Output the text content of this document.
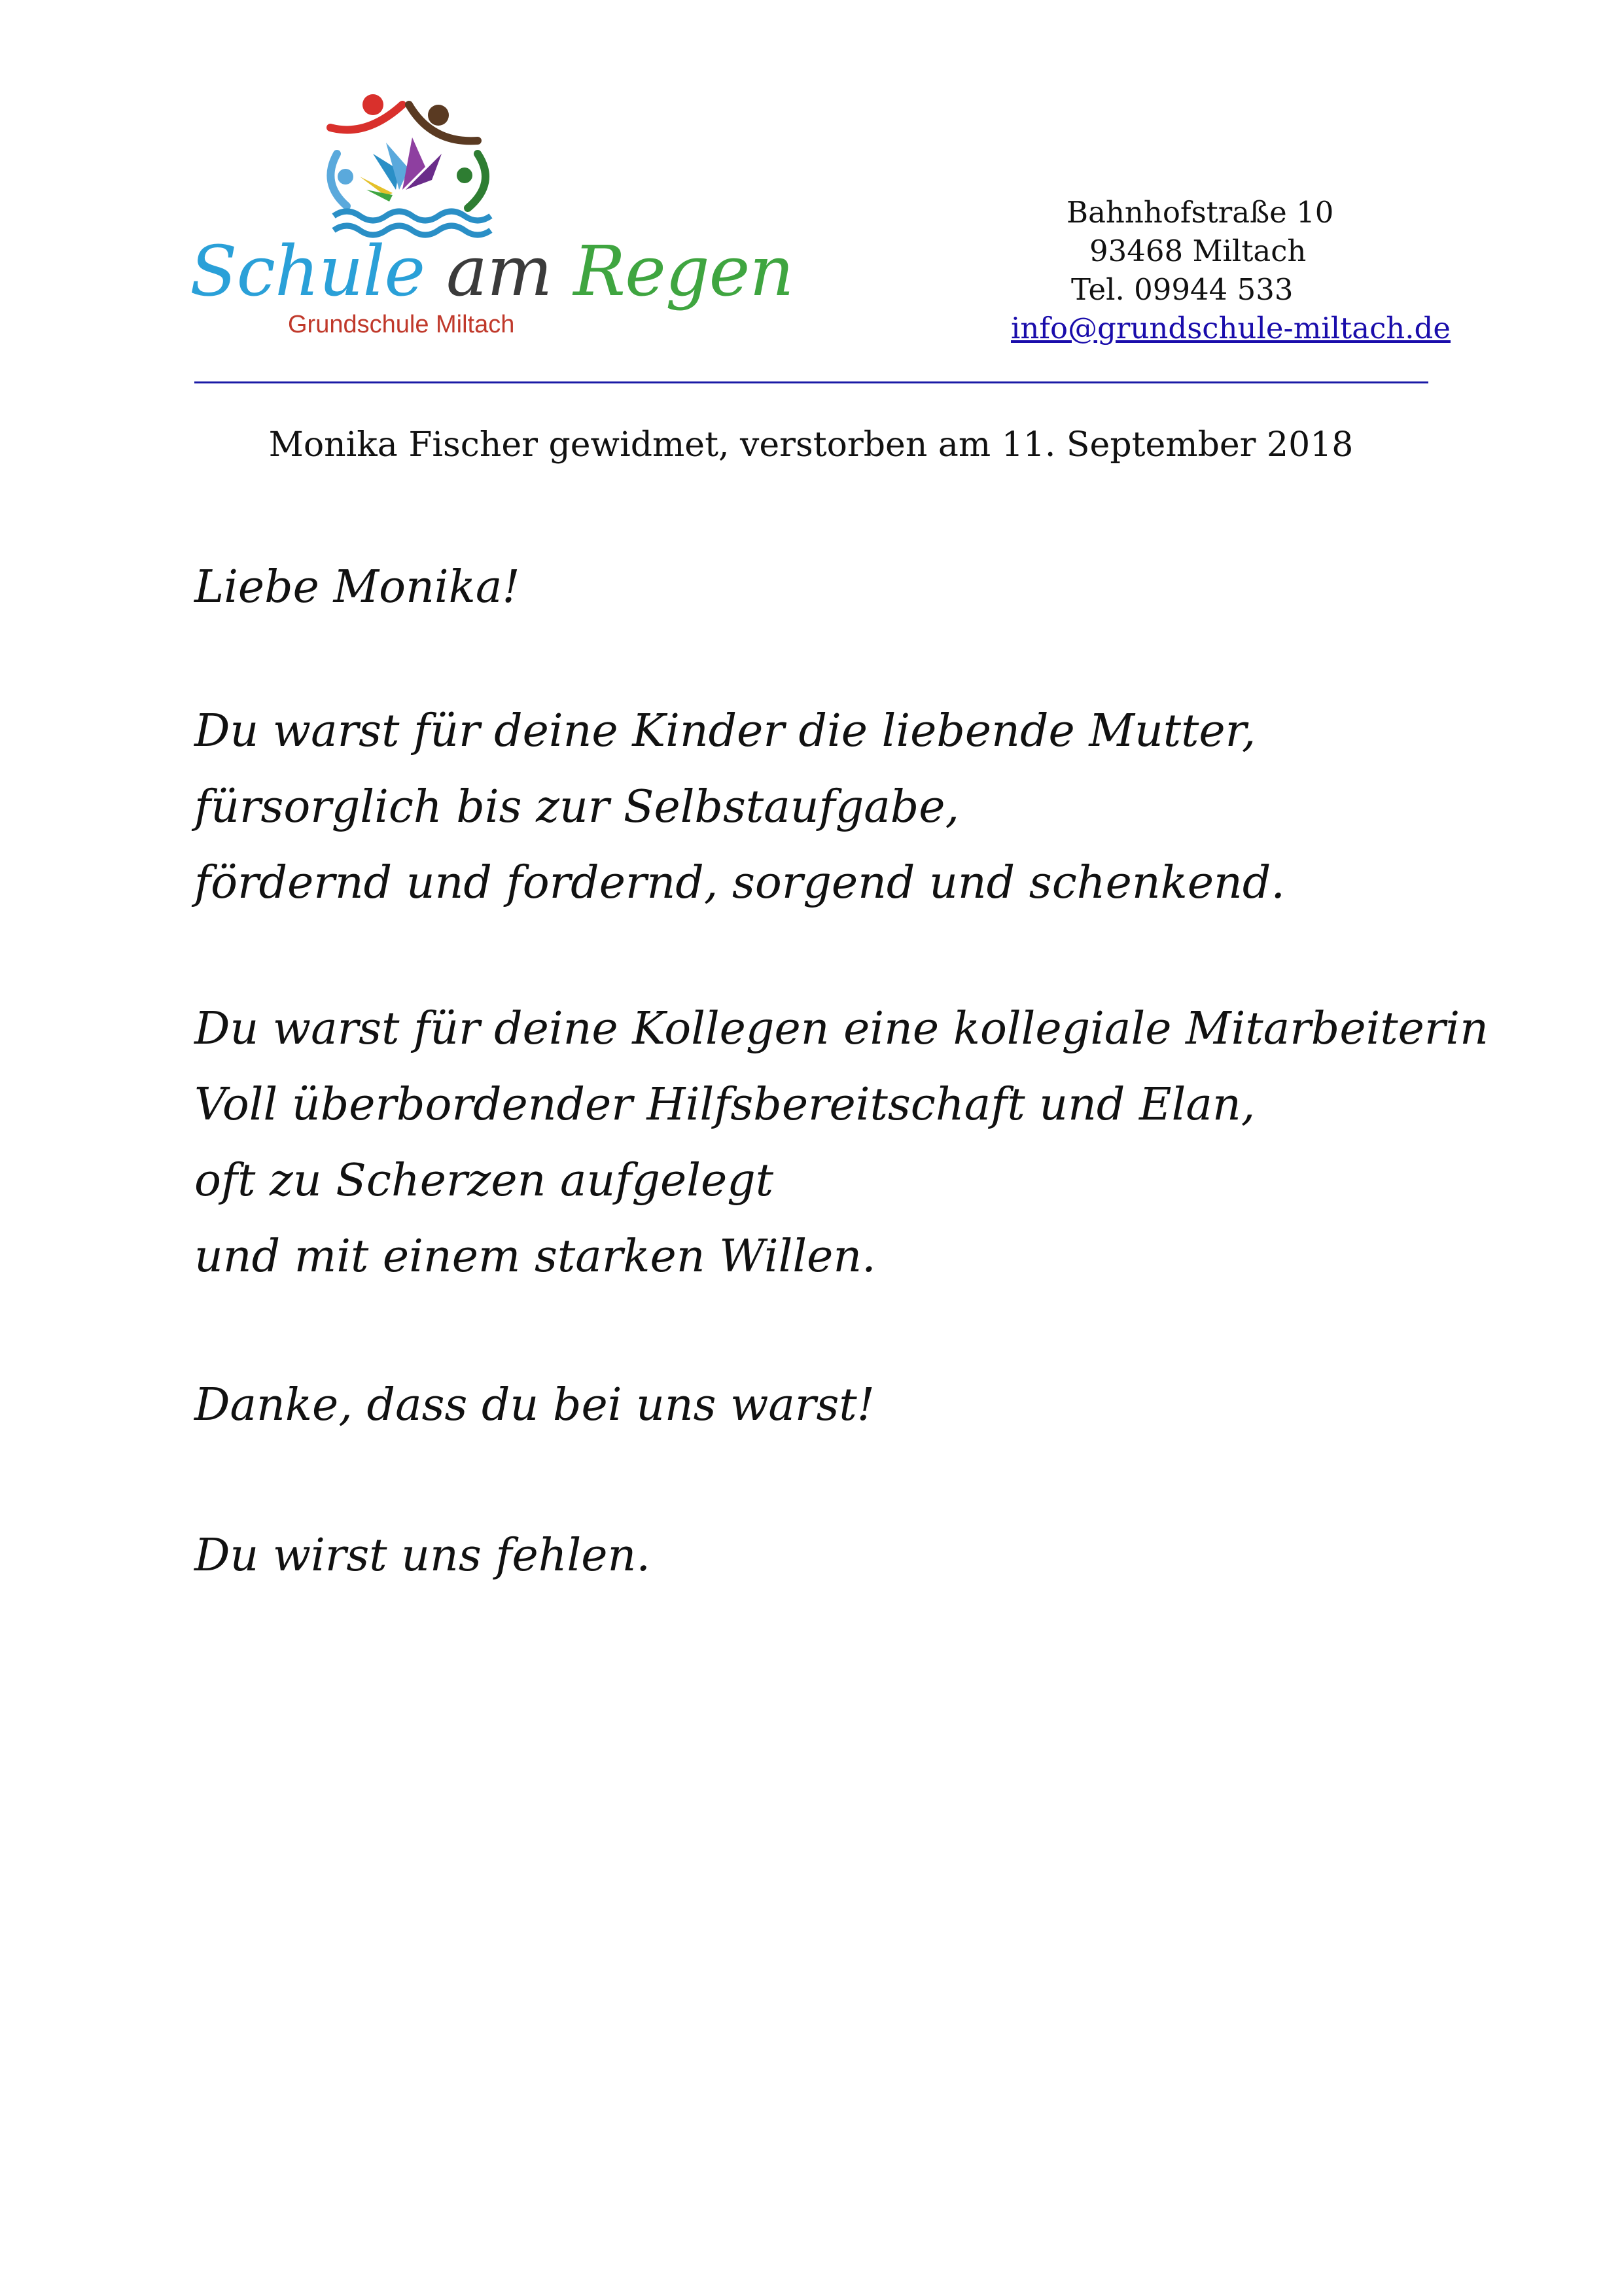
Schule am Regen
Grundschule Miltach
Bahnhofstraße 10
93468 Miltach
Tel. 09944 533
info@grundschule-miltach.de
Monika Fischer gewidmet, verstorben am 11. September 2018
Liebe Monika!
Du warst für deine Kinder die liebende Mutter,
fürsorglich bis zur Selbstaufgabe,
fördernd und fordernd, sorgend und schenkend.
Du warst für deine Kollegen eine kollegiale Mitarbeiterin
Voll überbordender Hilfsbereitschaft und Elan,
oft zu Scherzen aufgelegt
und mit einem starken Willen.
Danke, dass du bei uns warst!
Du wirst uns fehlen.
